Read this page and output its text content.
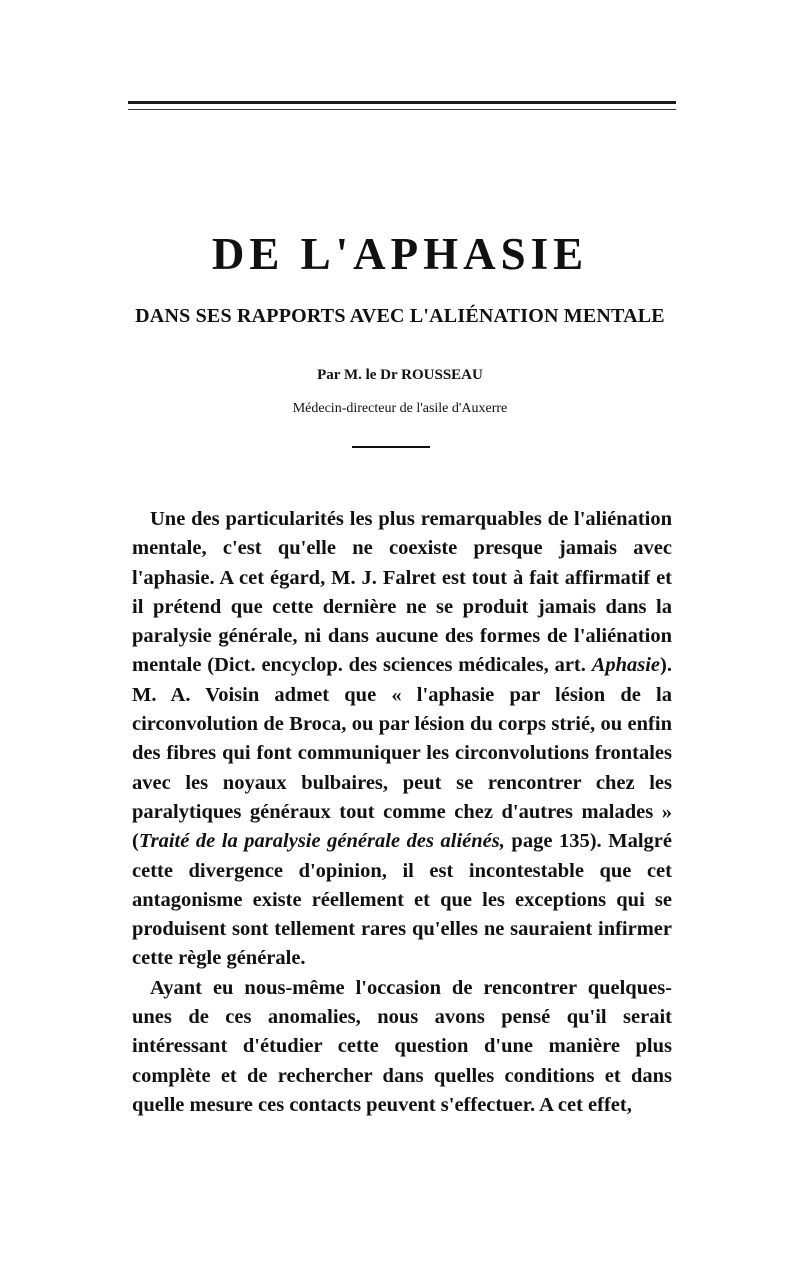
DE L'APHASIE
DANS SES RAPPORTS AVEC L'ALIÉNATION MENTALE
Par M. le Dr ROUSSEAU
Médecin-directeur de l'asile d'Auxerre

Une des particularités les plus remarquables de l'aliénation mentale, c'est qu'elle ne coexiste presque jamais avec l'aphasie. A cet égard, M. J. Falret est tout à fait affirmatif et il prétend que cette dernière ne se produit jamais dans la paralysie générale, ni dans aucune des formes de l'aliénation mentale (Dict. encyclop. des sciences médicales, art. Aphasie). M. A. Voisin admet que « l'aphasie par lésion de la circonvolution de Broca, ou par lésion du corps strié, ou enfin des fibres qui font communiquer les circonvolutions frontales avec les noyaux bulbaires, peut se rencontrer chez les paralytiques généraux tout comme chez d'autres malades » (Traité de la paralysie générale des aliénés, page 135). Malgré cette divergence d'opinion, il est incontestable que cet antagonisme existe réellement et que les exceptions qui se produisent sont tellement rares qu'elles ne sauraient infirmer cette règle générale.

Ayant eu nous-même l'occasion de rencontrer quelques-unes de ces anomalies, nous avons pensé qu'il serait intéressant d'étudier cette question d'une manière plus complète et de rechercher dans quelles conditions et dans quelle mesure ces contacts peuvent s'effectuer. A cet effet,
